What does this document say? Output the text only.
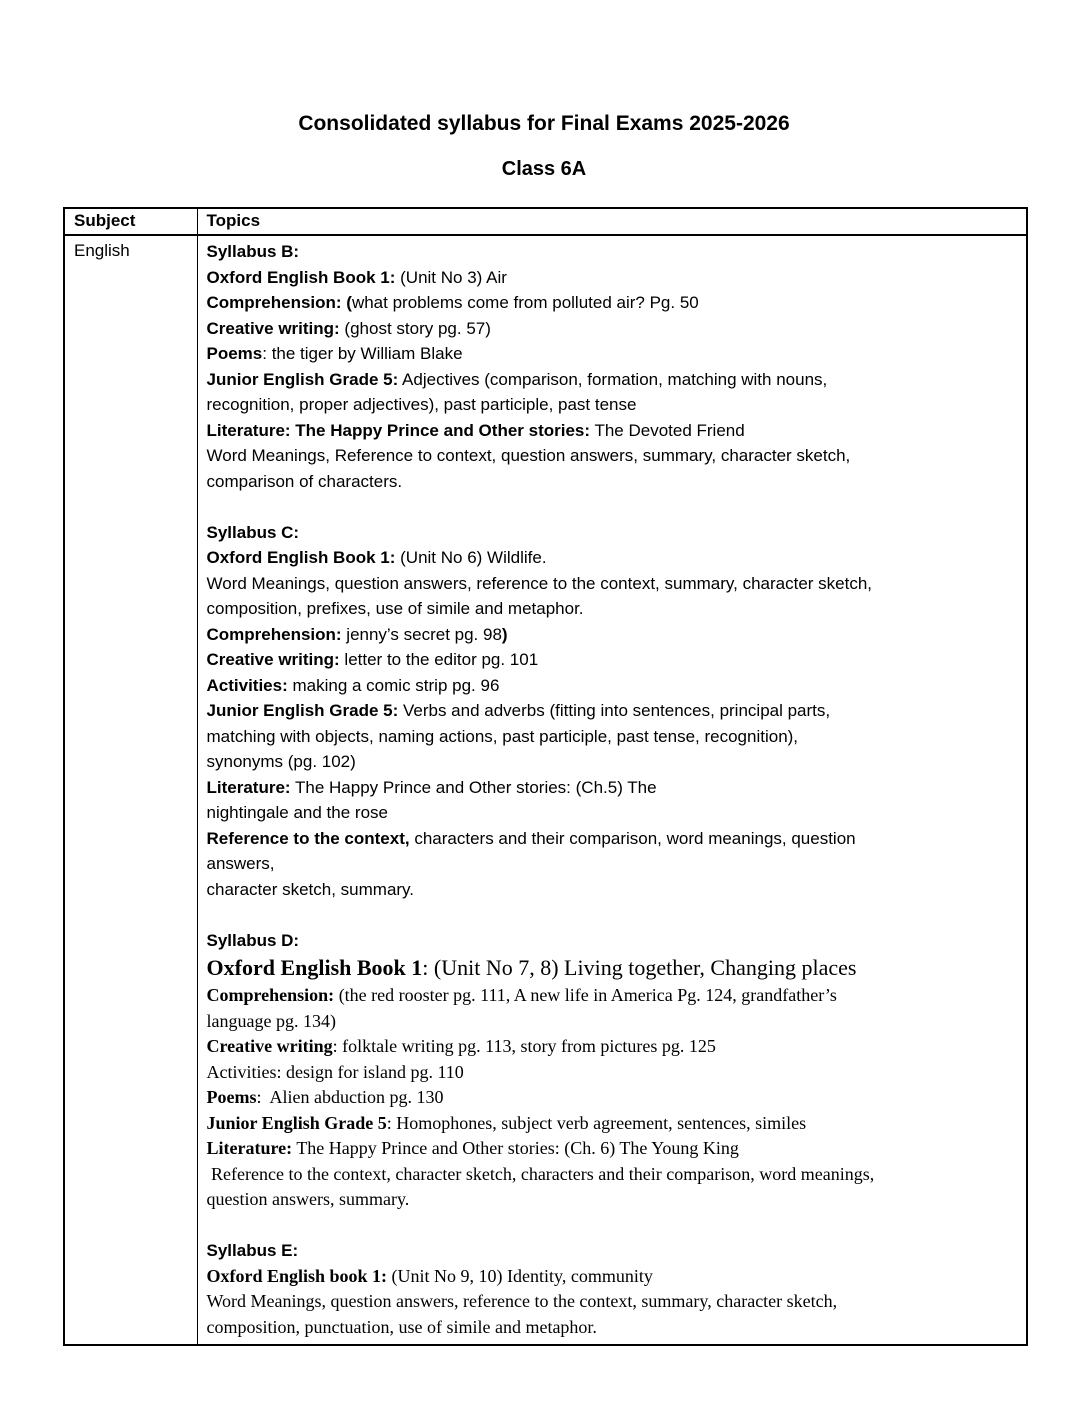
Consolidated syllabus for Final Exams 2025-2026
Class 6A
Subject	Topics
English	Syllabus B:
Oxford English Book 1: (Unit No 3) Air
Comprehension: (what problems come from polluted air? Pg. 50
Creative writing: (ghost story pg. 57)
Poems: the tiger by William Blake
Junior English Grade 5: Adjectives (comparison, formation, matching with nouns,
recognition, proper adjectives), past participle, past tense
Literature: The Happy Prince and Other stories: The Devoted Friend
Word Meanings, Reference to context, question answers, summary, character sketch,
comparison of characters.

Syllabus C:
Oxford English Book 1: (Unit No 6) Wildlife.
Word Meanings, question answers, reference to the context, summary, character sketch,
composition, prefixes, use of simile and metaphor.
Comprehension: jenny’s secret pg. 98)
Creative writing: letter to the editor pg. 101
Activities: making a comic strip pg. 96
Junior English Grade 5: Verbs and adverbs (fitting into sentences, principal parts,
matching with objects, naming actions, past participle, past tense, recognition),
synonyms (pg. 102)
Literature: The Happy Prince and Other stories: (Ch.5) The
nightingale and the rose
Reference to the context, characters and their comparison, word meanings, question
answers,
character sketch, summary.

Syllabus D:
Oxford English Book 1: (Unit No 7, 8) Living together, Changing places
Comprehension: (the red rooster pg. 111, A new life in America Pg. 124, grandfather’s
language pg. 134)
Creative writing: folktale writing pg. 113, story from pictures pg. 125
Activities: design for island pg. 110
Poems:  Alien abduction pg. 130
Junior English Grade 5: Homophones, subject verb agreement, sentences, similes
Literature: The Happy Prince and Other stories: (Ch. 6) The Young King
Reference to the context, character sketch, characters and their comparison, word meanings,
question answers, summary.

Syllabus E:
Oxford English book 1: (Unit No 9, 10) Identity, community
Word Meanings, question answers, reference to the context, summary, character sketch,
composition, punctuation, use of simile and metaphor.
